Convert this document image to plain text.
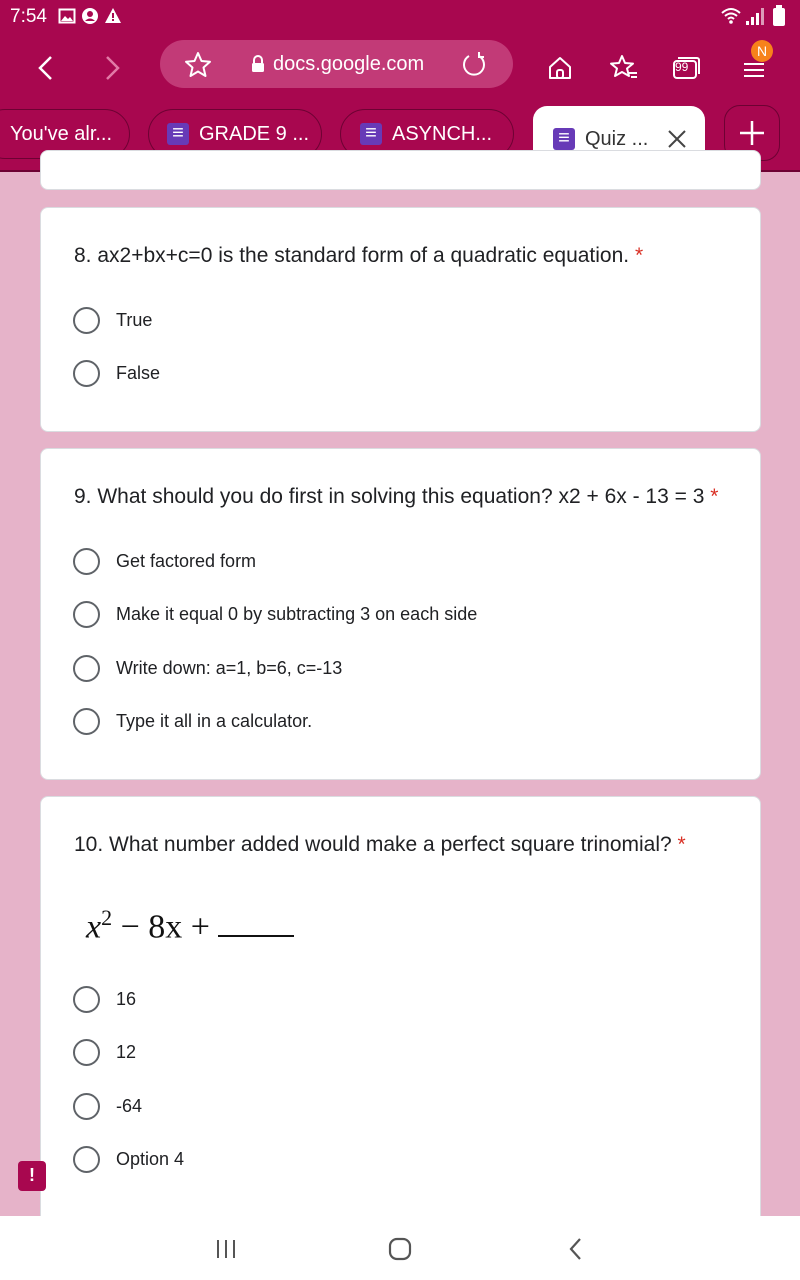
7:54
docs.google.com	99
N
You've alr... ≡	GRADE 9 ... ≡	ASYNCH... ≡	Quiz ...
8. ax2+bx+c=0 is the standard form of a quadratic equation. *
True
False
9. What should you do first in solving this equation? x2 + 6x - 13 = 3 *
Get factored form
Make it equal 0 by subtracting 3 on each side
Write down: a=1, b=6, c=-13
Type it all in a calculator.
10. What number added would make a perfect square trinomial? *
$x^2 - 8x$ +
16
12
-64
Option 4
!
